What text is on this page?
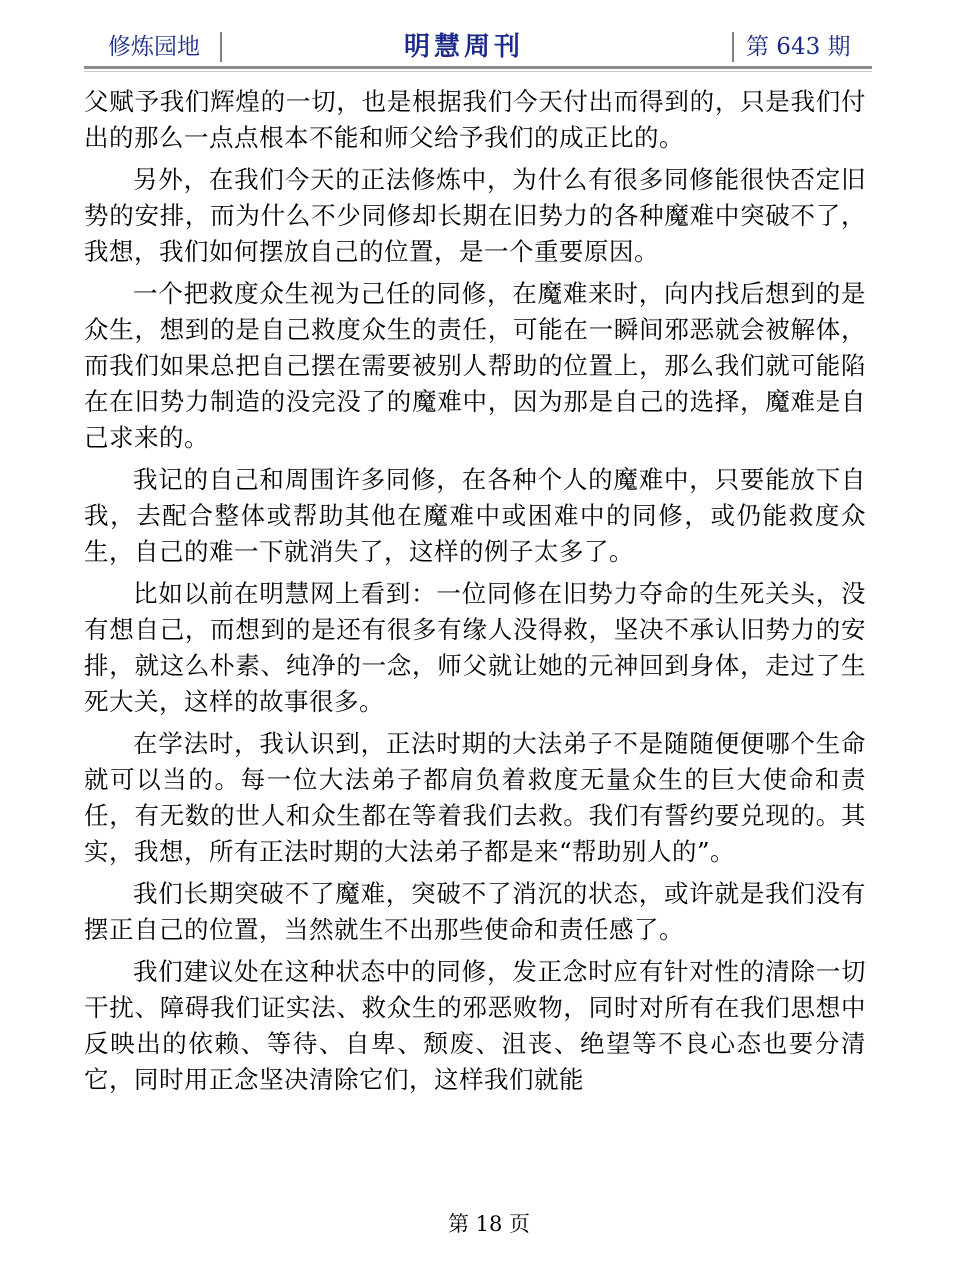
修炼园地	明慧周刊	第 643 期

父赋予我们辉煌的一切，也是根据我们今天付出而得到的，只是我们付出的那么一点点根本不能和师父给予我们的成正比的。

另外，在我们今天的正法修炼中，为什么有很多同修能很快否定旧势的安排，而为什么不少同修却长期在旧势力的各种魔难中突破不了，我想，我们如何摆放自己的位置，是一个重要原因。

一个把救度众生视为己任的同修，在魔难来时，向内找后想到的是众生，想到的是自己救度众生的责任，可能在一瞬间邪恶就会被解体，而我们如果总把自己摆在需要被别人帮助的位置上，那么我们就可能陷在在旧势力制造的没完没了的魔难中，因为那是自己的选择，魔难是自己求来的。

我记的自己和周围许多同修，在各种个人的魔难中，只要能放下自我，去配合整体或帮助其他在魔难中或困难中的同修，或仍能救度众生，自己的难一下就消失了，这样的例子太多了。

比如以前在明慧网上看到：一位同修在旧势力夺命的生死关头，没有想自己，而想到的是还有很多有缘人没得救，坚决不承认旧势力的安排，就这么朴素、纯净的一念，师父就让她的元神回到身体，走过了生死大关，这样的故事很多。

在学法时，我认识到，正法时期的大法弟子不是随随便便哪个生命就可以当的。每一位大法弟子都肩负着救度无量众生的巨大使命和责任，有无数的世人和众生都在等着我们去救。我们有誓约要兑现的。其实，我想，所有正法时期的大法弟子都是来“帮助别人的”。

我们长期突破不了魔难，突破不了消沉的状态，或许就是我们没有摆正自己的位置，当然就生不出那些使命和责任感了。

我们建议处在这种状态中的同修，发正念时应有针对性的清除一切干扰、障碍我们证实法、救众生的邪恶败物，同时对所有在我们思想中反映出的依赖、等待、自卑、颓废、沮丧、绝望等不良心态也要分清它，同时用正念坚决清除它们，这样我们就能

第 18 页
